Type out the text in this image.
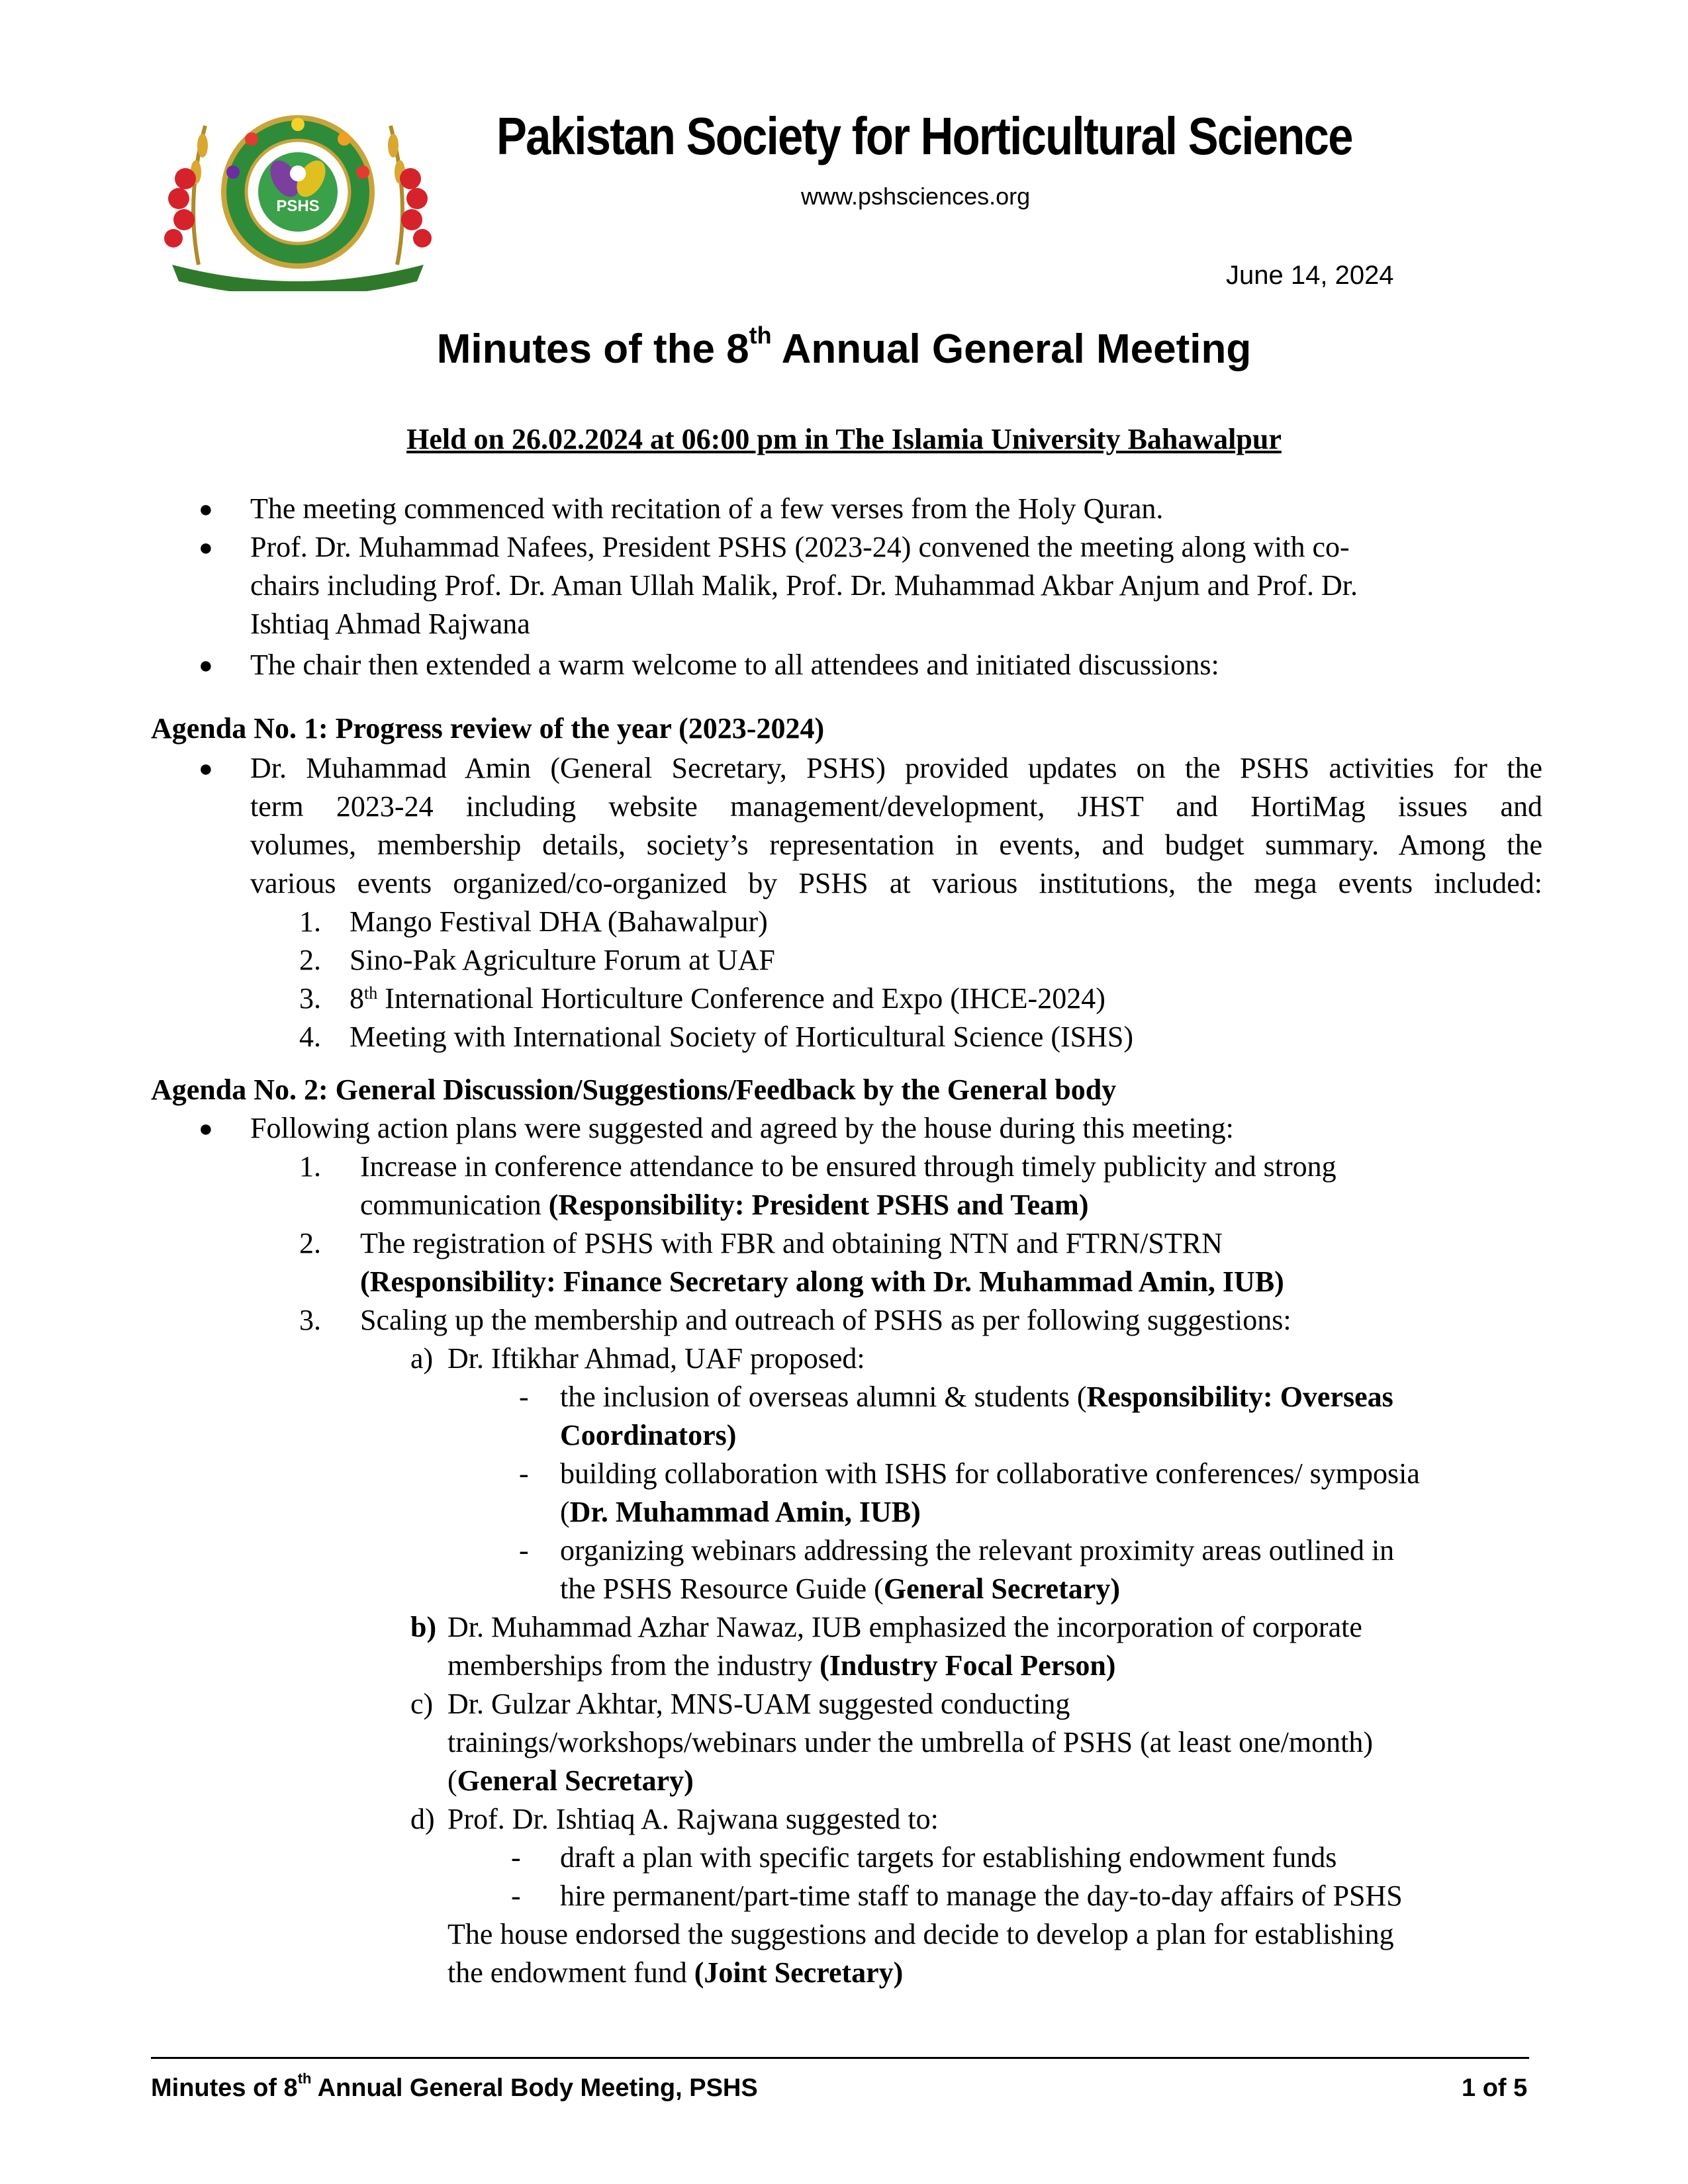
PSHS
Pakistan Society for Horticultural Science
www.pshsciences.org
June 14, 2024
Minutes of the 8th Annual General Meeting
Held on 26.02.2024 at 06:00 pm in The Islamia University Bahawalpur
● The meeting commenced with recitation of a few verses from the Holy Quran.
● Prof. Dr. Muhammad Nafees, President PSHS (2023-24) convened the meeting along with co-
chairs including Prof. Dr. Aman Ullah Malik, Prof. Dr. Muhammad Akbar Anjum and Prof. Dr.
Ishtiaq Ahmad Rajwana
● The chair then extended a warm welcome to all attendees and initiated discussions:
Agenda No. 1: Progress review of the year (2023-2024)
● Dr. Muhammad Amin (General Secretary, PSHS) provided updates on the PSHS activities for the
term 2023-24 including website management/development, JHST and HortiMag issues and
volumes, membership details, society’s representation in events, and budget summary. Among the
various events organized/co-organized by PSHS at various institutions, the mega events included:
1. Mango Festival DHA (Bahawalpur)
2. Sino-Pak Agriculture Forum at UAF
3. 8th International Horticulture Conference and Expo (IHCE-2024)
4. Meeting with International Society of Horticultural Science (ISHS)
Agenda No. 2: General Discussion/Suggestions/Feedback by the General body
● Following action plans were suggested and agreed by the house during this meeting:
1. Increase in conference attendance to be ensured through timely publicity and strong
communication (Responsibility: President PSHS and Team)
2. The registration of PSHS with FBR and obtaining NTN and FTRN/STRN
(Responsibility: Finance Secretary along with Dr. Muhammad Amin, IUB)
3. Scaling up the membership and outreach of PSHS as per following suggestions:
a) Dr. Iftikhar Ahmad, UAF proposed:
- the inclusion of overseas alumni & students (Responsibility: Overseas
Coordinators)
- building collaboration with ISHS for collaborative conferences/ symposia
(Dr. Muhammad Amin, IUB)
- organizing webinars addressing the relevant proximity areas outlined in
the PSHS Resource Guide (General Secretary)
b) Dr. Muhammad Azhar Nawaz, IUB emphasized the incorporation of corporate
memberships from the industry (Industry Focal Person)
c) Dr. Gulzar Akhtar, MNS-UAM suggested conducting
trainings/workshops/webinars under the umbrella of PSHS (at least one/month)
(General Secretary)
d) Prof. Dr. Ishtiaq A. Rajwana suggested to:
- draft a plan with specific targets for establishing endowment funds
- hire permanent/part-time staff to manage the day-to-day affairs of PSHS
The house endorsed the suggestions and decide to develop a plan for establishing
the endowment fund (Joint Secretary)
Minutes of 8th Annual General Body Meeting, PSHS	1 of 5
